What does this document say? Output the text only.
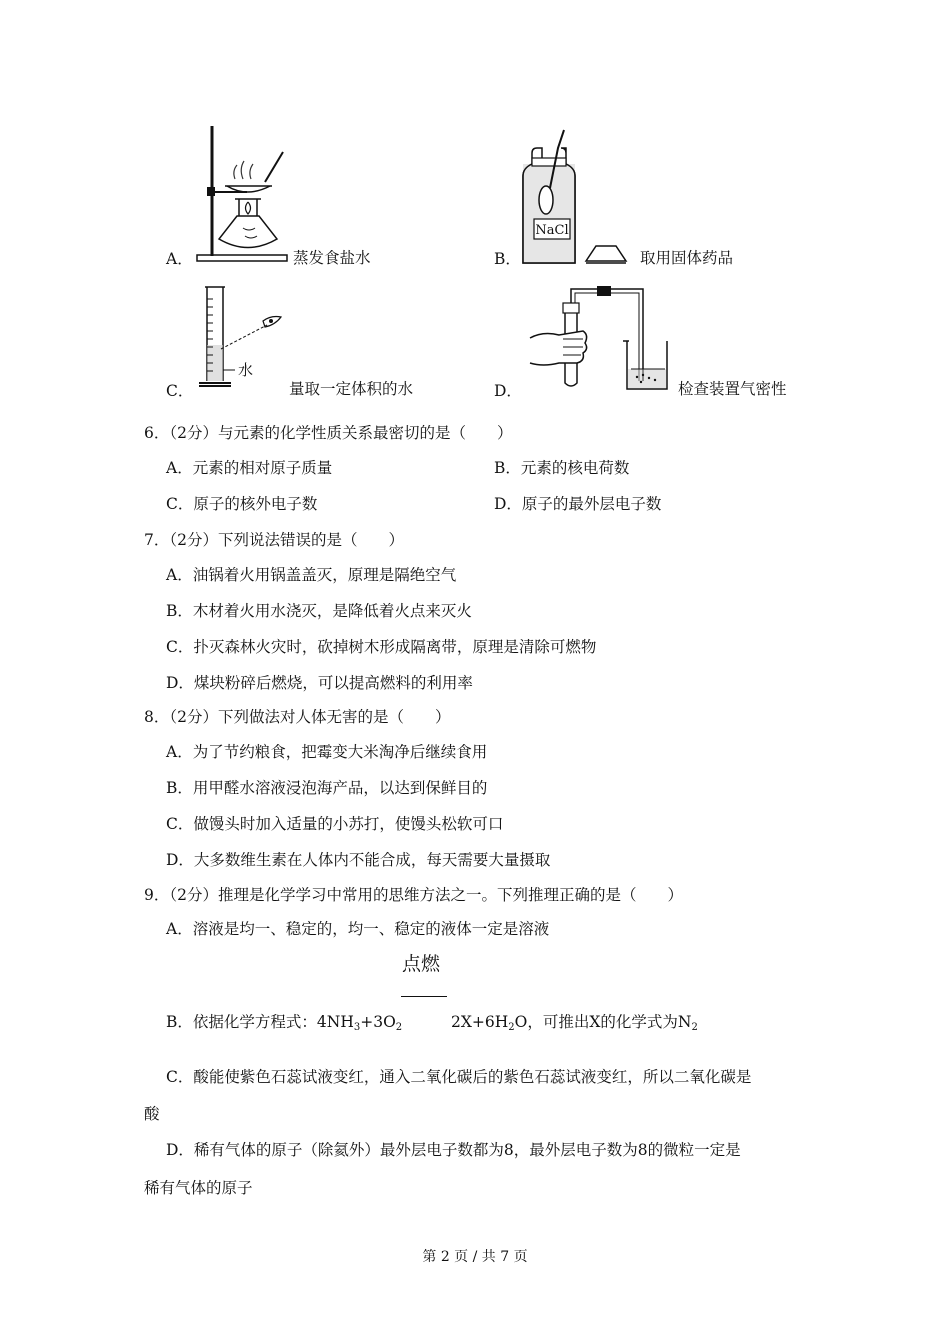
A．	蒸发食盐水
NaCl
B．	取用固体药品
水
C．	量取一定体积的水	D．	检查装置气密性
6．（2分）与元素的化学性质关系最密切的是（　　）
A．元素的相对原子质量	B．元素的核电荷数
C．原子的核外电子数	D．原子的最外层电子数
7．（2分）下列说法错误的是（　　）
A．油锅着火用锅盖盖灭，原理是隔绝空气
B．木材着火用水浇灭，是降低着火点来灭火
C．扑灭森林火灾时，砍掉树木形成隔离带，原理是清除可燃物
D．煤块粉碎后燃烧，可以提高燃料的利用率
8．（2分）下列做法对人体无害的是（　　）
A．为了节约粮食，把霉变大米淘净后继续食用
B．用甲醛水溶液浸泡海产品，以达到保鲜目的
C．做馒头时加入适量的小苏打，使馒头松软可口
D．大多数维生素在人体内不能合成，每天需要大量摄取
9．（2分）推理是化学学习中常用的思维方法之一。下列推理正确的是（　　）
A．溶液是均一、稳定的，均一、稳定的液体一定是溶液
点燃
B．依据化学方程式：$4NH_3+3O_2$	$2X+6H_2O$，可推出X的化学式为$N_2$
C．酸能使紫色石蕊试液变红，通入二氧化碳后的紫色石蕊试液变红，所以二氧化碳是
酸
D．稀有气体的原子（除氦外）最外层电子数都为8，最外层电子数为8的微粒一定是
稀有气体的原子
第 2 页 / 共 7 页
